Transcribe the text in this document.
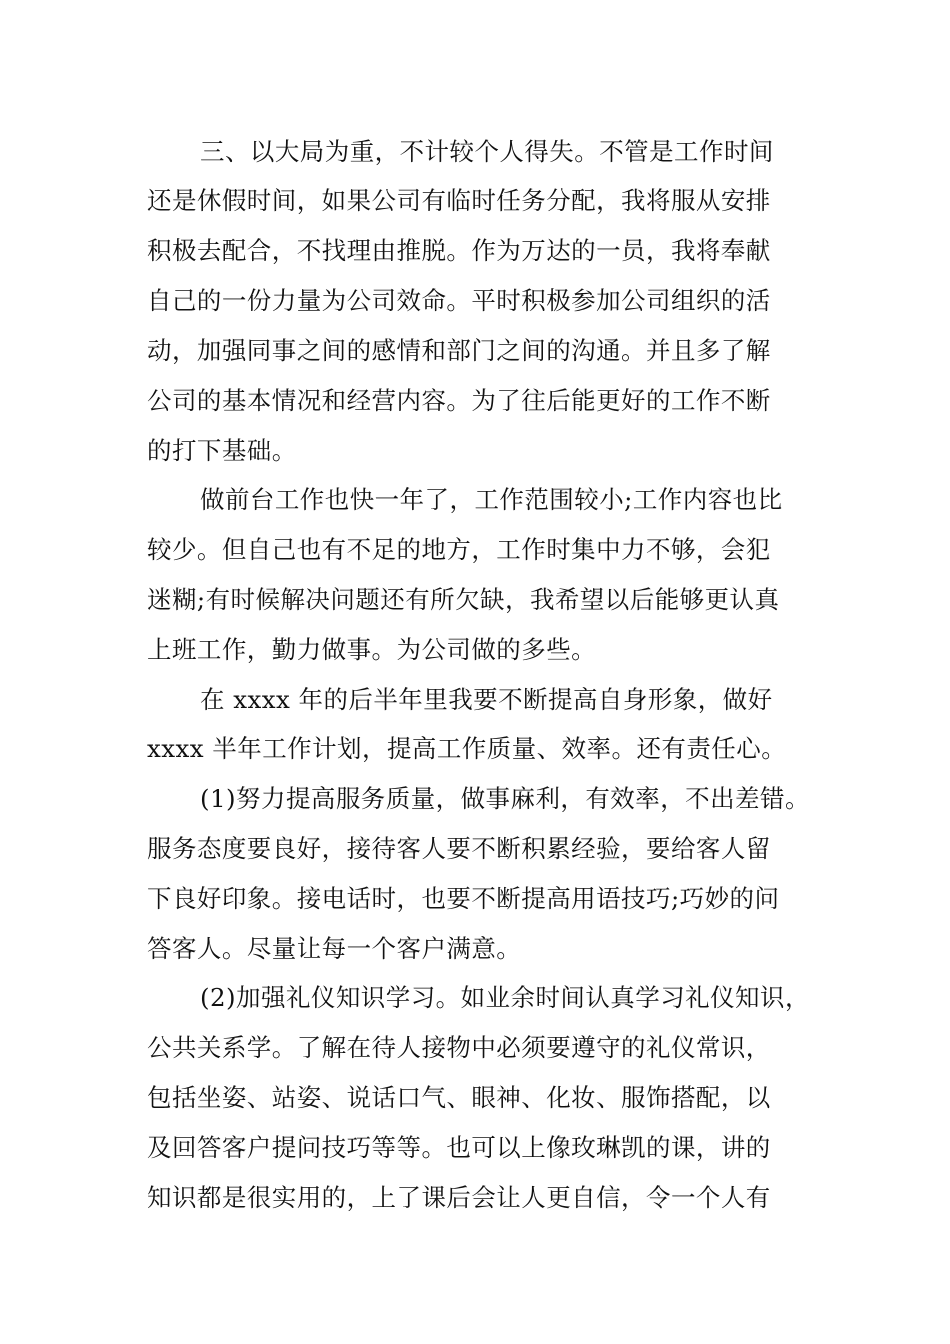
三、以大局为重，不计较个人得失。不管是工作时间
还是休假时间，如果公司有临时任务分配，我将服从安排
积极去配合，不找理由推脱。作为万达的一员，我将奉献
自己的一份力量为公司效命。平时积极参加公司组织的活
动，加强同事之间的感情和部门之间的沟通。并且多了解
公司的基本情况和经营内容。为了往后能更好的工作不断
的打下基础。
做前台工作也快一年了，工作范围较小;工作内容也比
较少。但自己也有不足的地方，工作时集中力不够，会犯
迷糊;有时候解决问题还有所欠缺，我希望以后能够更认真
上班工作，勤力做事。为公司做的多些。
在 xxxx 年的后半年里我要不断提高自身形象，做好
xxxx 半年工作计划，提高工作质量、效率。还有责任心。
(1)努力提高服务质量，做事麻利，有效率，不出差错。
服务态度要良好，接待客人要不断积累经验，要给客人留
下良好印象。接电话时，也要不断提高用语技巧;巧妙的问
答客人。尽量让每一个客户满意。
(2)加强礼仪知识学习。如业余时间认真学习礼仪知识，
公共关系学。了解在待人接物中必须要遵守的礼仪常识，
包括坐姿、站姿、说话口气、眼神、化妆、服饰搭配，以
及回答客户提问技巧等等。也可以上像玫琳凯的课，讲的
知识都是很实用的，上了课后会让人更自信，令一个人有
